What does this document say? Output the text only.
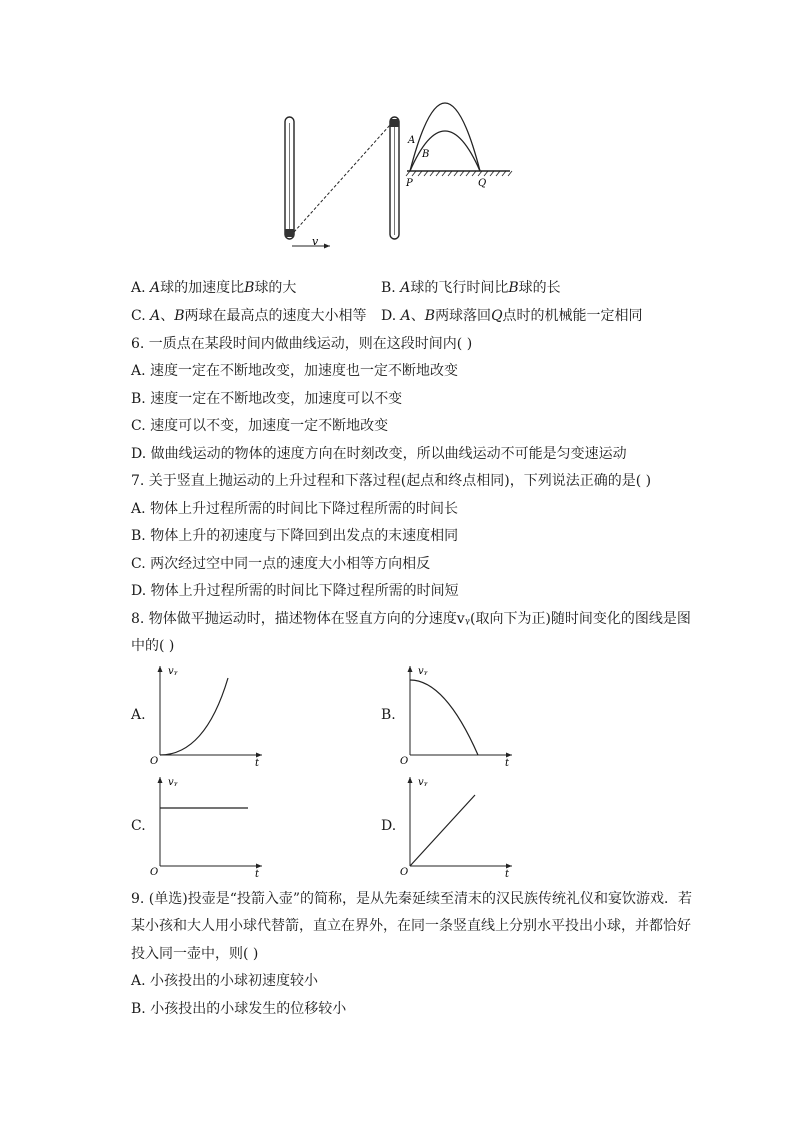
v
A
B
P	Q
A. A球的加速度比B球的大	B. A球的飞行时间比B球的长
C. A、B两球在最高点的速度大小相等 D. A、B两球落回Q点时的机械能一定相同
6. 一质点在某段时间内做曲线运动，则在这段时间内( )
A. 速度一定在不断地改变，加速度也一定不断地改变
B. 速度一定在不断地改变，加速度可以不变
C. 速度可以不变，加速度一定不断地改变
D. 做曲线运动的物体的速度方向在时刻改变，所以曲线运动不可能是匀变速运动
7. 关于竖直上抛运动的上升过程和下落过程(起点和终点相同)，下列说法正确的是( )
A. 物体上升过程所需的时间比下降过程所需的时间长
B. 物体上升的初速度与下降回到出发点的末速度相同
C. 两次经过空中同一点的速度大小相等方向相反
D. 物体上升过程所需的时间比下降过程所需的时间短
8. 物体做平抛运动时，描述物体在竖直方向的分速度vᵧ(取向下为正)随时间变化的图线是图
中的( )
A.
vᵧ
t
O
B.
vᵧ
t
O
C.
vᵧ
t
O
D.
vᵧ
t
O
9. (单选)投壶是“投箭入壶”的简称，是从先秦延续至清末的汉民族传统礼仪和宴饮游戏．若
某小孩和大人用小球代替箭，直立在界外，在同一条竖直线上分别水平投出小球，并都恰好
投入同一壶中，则( )
A. 小孩投出的小球初速度较小
B. 小孩投出的小球发生的位移较小
